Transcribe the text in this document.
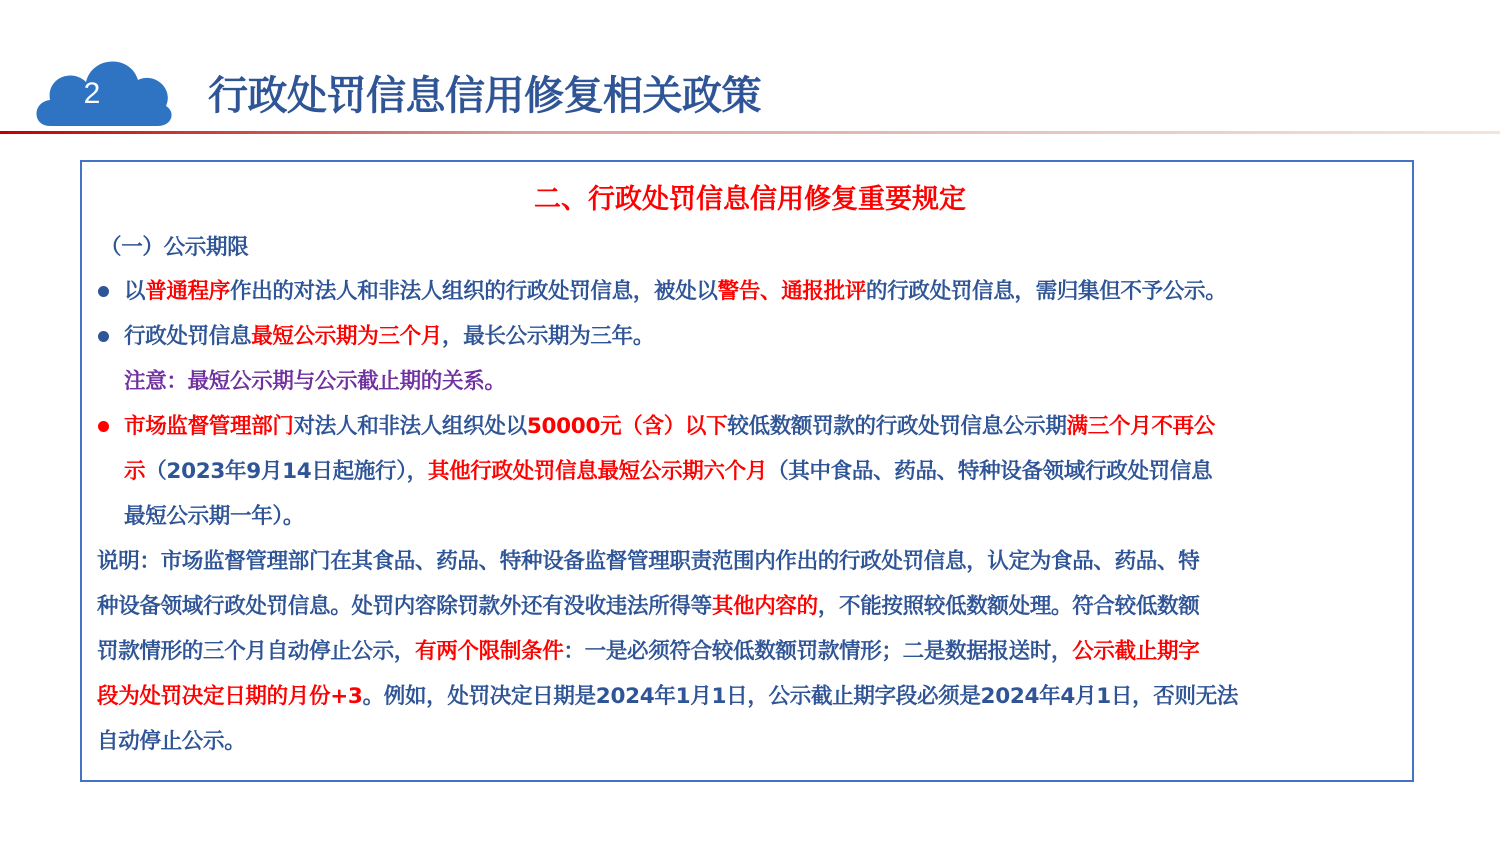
2	行政处罚信息信用修复相关政策
二、行政处罚信息信用修复重要规定
（一）公示期限
以普通程序作出的对法人和非法人组织的行政处罚信息，被处以警告、通报批评的行政处罚信息，需归集但不予公示。
行政处罚信息最短公示期为三个月，最长公示期为三年。
注意：最短公示期与公示截止期的关系。
市场监督管理部门对法人和非法人组织处以50000元（含）以下较低数额罚款的行政处罚信息公示期满三个月不再公
示（2023年9月14日起施行），其他行政处罚信息最短公示期六个月（其中食品、药品、特种设备领域行政处罚信息
最短公示期一年）。
说明：市场监督管理部门在其食品、药品、特种设备监督管理职责范围内作出的行政处罚信息，认定为食品、药品、特
种设备领域行政处罚信息。处罚内容除罚款外还有没收违法所得等其他内容的，不能按照较低数额处理。符合较低数额
罚款情形的三个月自动停止公示，有两个限制条件：一是必须符合较低数额罚款情形；二是数据报送时，公示截止期字
段为处罚决定日期的月份+3。例如，处罚决定日期是2024年1月1日，公示截止期字段必须是2024年4月1日，否则无法
自动停止公示。
